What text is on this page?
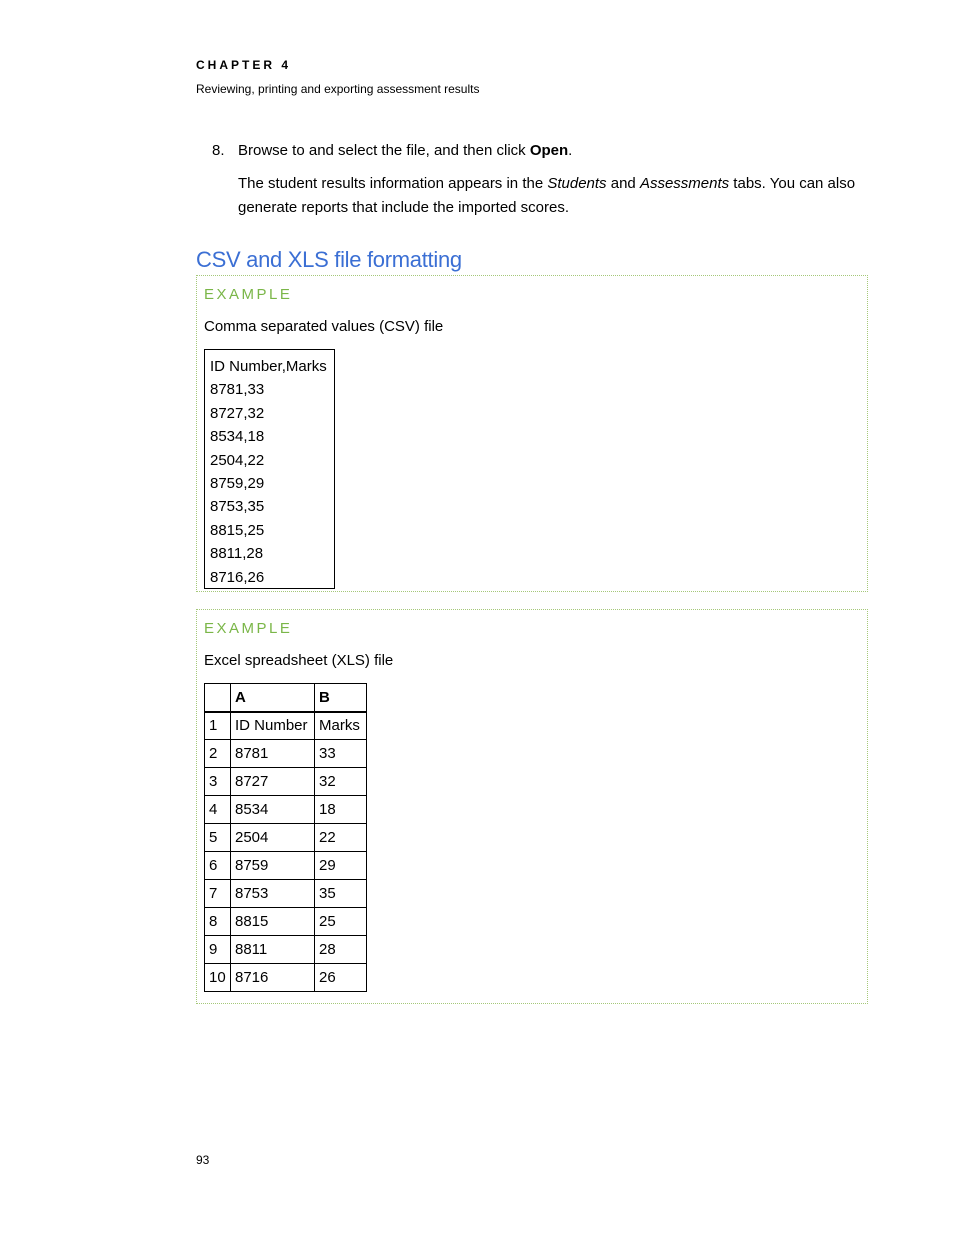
CHAPTER 4

Reviewing, printing and exporting assessment results

8. Browse to and select the file, and then click Open.

The student results information appears in the Students and Assessments tabs. You can also generate reports that include the imported scores.

CSV and XLS file formatting

EXAMPLE

Comma separated values (CSV) file

ID Number,Marks
8781,33
8727,32
8534,18
2504,22
8759,29
8753,35
8815,25
8811,28
8716,26

EXAMPLE

Excel spreadsheet (XLS) file

	A	B
1	ID Number	Marks
2	8781	33
3	8727	32
4	8534	18
5	2504	22
6	8759	29
7	8753	35
8	8815	25
9	8811	28
10	8716	26

93
